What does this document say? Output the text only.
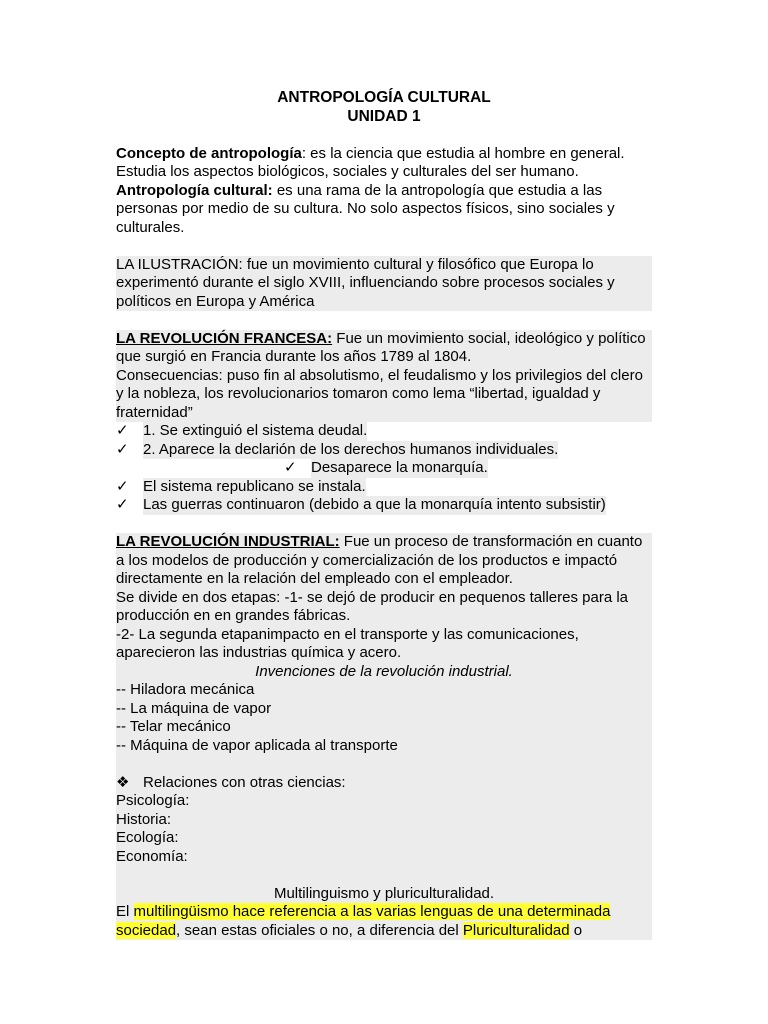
ANTROPOLOGÍA CULTURAL
UNIDAD 1
Concepto de antropología: es la ciencia que estudia al hombre en general. Estudia los aspectos biológicos, sociales y culturales del ser humano.
Antropología cultural: es una rama de la antropología que estudia a las personas por medio de su cultura. No solo aspectos físicos, sino sociales y culturales.
LA ILUSTRACIÓN: fue un movimiento cultural y filosófico que Europa lo experimentó durante el siglo XVIII, influenciando sobre procesos sociales y políticos en Europa y América
LA REVOLUCIÓN FRANCESA: Fue un movimiento social, ideológico y político que surgió en Francia durante los años 1789 al 1804.
Consecuencias: puso fin al absolutismo, el feudalismo y los privilegios del clero y la nobleza, los revolucionarios tomaron como lema “libertad, igualdad y fraternidad”
✓ 1. Se extinguió el sistema deudal.
✓ 2. Aparece la declarión de los derechos humanos individuales.
✓ Desaparece la monarquía.
✓ El sistema republicano se instala.
✓ Las guerras continuaron (debido a que la monarquía intento subsistir)
LA REVOLUCIÓN INDUSTRIAL: Fue un proceso de transformación en cuanto a los modelos de producción y comercialización de los productos e impactó directamente en la relación del empleado con el empleador.
Se divide en dos etapas: -1- se dejó de producir en pequenos talleres para la producción en en grandes fábricas.
-2- La segunda etapanimpacto en el transporte y las comunicaciones, aparecieron las industrias química y acero.
Invenciones de la revolución industrial.
-- Hiladora mecánica
-- La máquina de vapor
-- Telar mecánico
-- Máquina de vapor aplicada al transporte
❖ Relaciones con otras ciencias:
Psicología:
Historia:
Ecología:
Economía:
Multilinguismo y pluriculturalidad.
El multilingüismo hace referencia a las varias lenguas de una determinada sociedad, sean estas oficiales o no, a diferencia del Pluriculturalidad o
